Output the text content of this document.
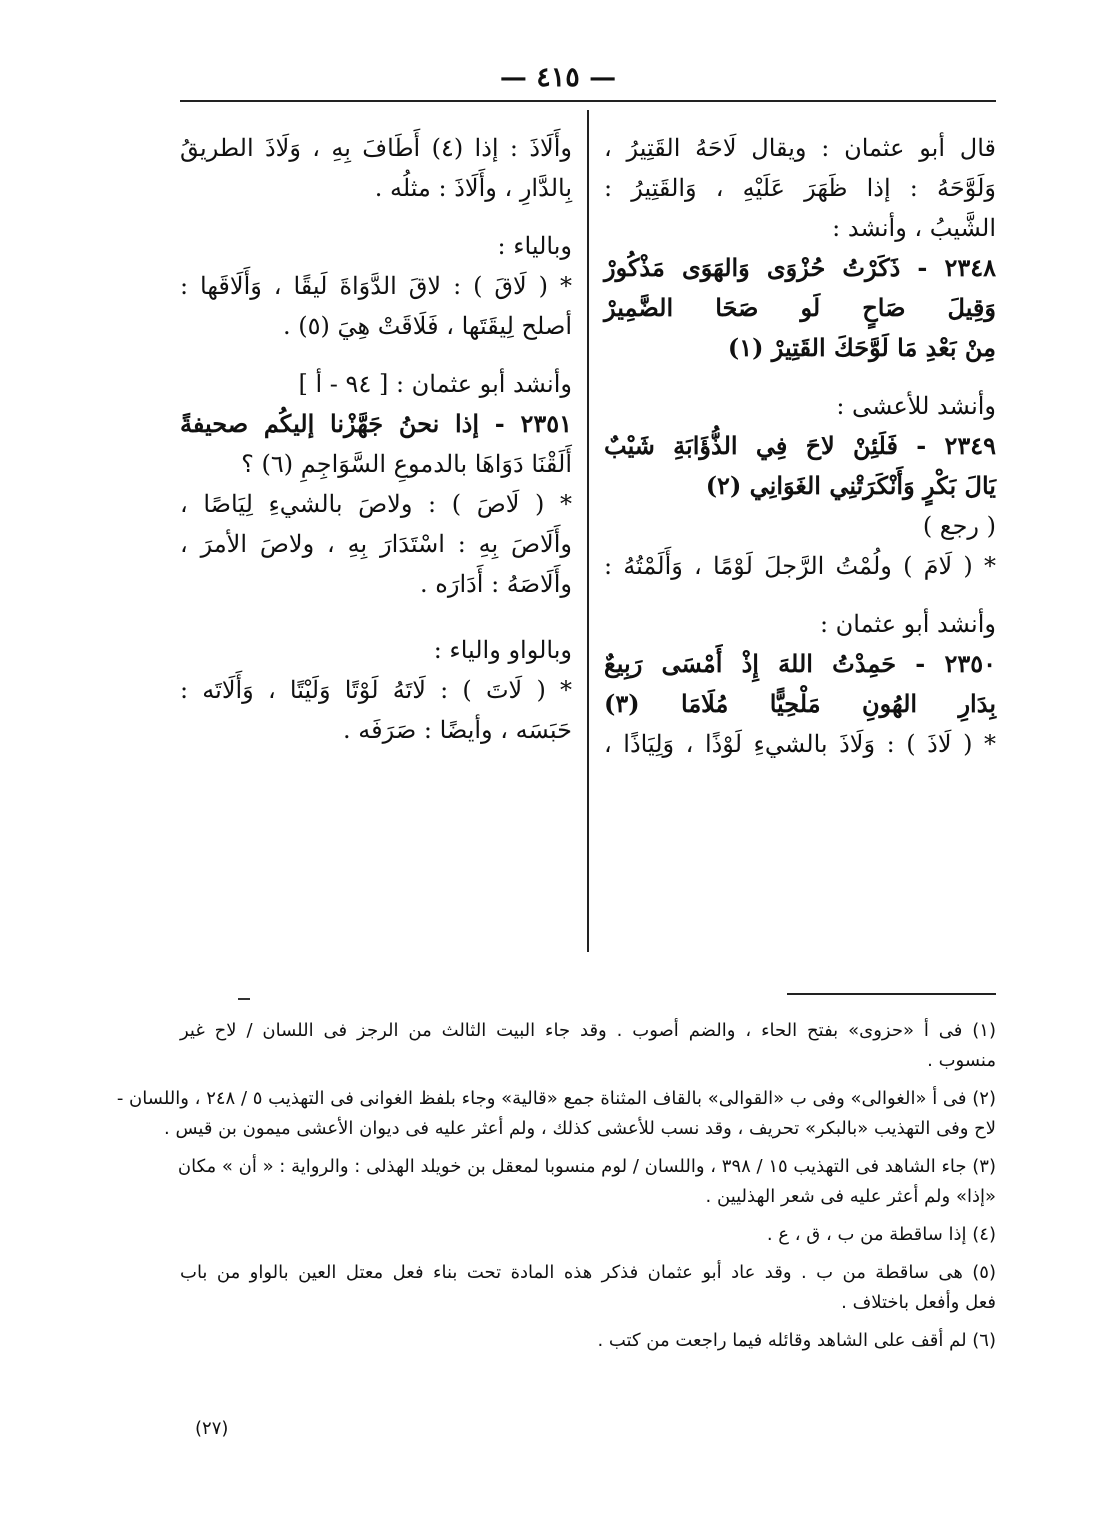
— ٤١٥ —
قال أبو عثمان : ويقال لَاحَهُ القَتِيرُ ،
وَلَوَّحَهُ : إذا ظَهَرَ عَلَيْهِ ، وَالقَتِيرُ :
الشَّيبُ ، وأنشد :
٢٣٤٨ - ذَكَرْتُ حُزْوَى وَالهَوَى مَذْكُورْ
وَقِيلَ صَاحٍ لَو صَحَا الضَّمِيرْ
مِنْ بَعْدِ مَا لَوَّحَكَ القَتِيرْ (١)
وأنشد للأعشى :
٢٣٤٩ - فَلَئِنْ لاحَ فِي الذُّؤَابَةِ شَيْبٌ
يَالَ بَكْرٍ وَأَنْكَرَتْنِي الغَوَانِي (٢)
( رجع )
* ( لَامَ ) ولُمْتُ الرَّجلَ لَوْمًا ، وَأَلَمْتُهُ :
وأنشد أبو عثمان :
٢٣٥٠ - حَمِدْتُ اللهَ إِذْ أَمْسَى رَبِيعٌ
بِدَارِ الهُونِ مَلْحِيًّا مُلَامَا (٣)
* ( لَاذَ ) : وَلَاذَ بالشيءِ لَوْذًا ، وَلِيَاذًا ،
وأَلَاذَ : إذا (٤) أَطَافَ بِهِ ، وَلَاذَ الطريقُ
بِالدَّارِ ، وأَلَاذَ : مثلُه .
وبالياء :
* ( لَاقَ ) : لاقَ الدَّوَاةَ لَيقًا ، وَأَلَاقَها :
أصلح لِيقَتَها ، فَلَاقَتْ هِيَ (٥) .
وأنشد أبو عثمان : [ ٩٤ - أ ]
٢٣٥١ - إذا نحنُ جَهَّزْنا إليكُم صحيفةً
أَلَقْنَا دَوَاهَا بالدموعِ السَّوَاجِمِ (٦) ؟
* ( لَاصَ ) : ولاصَ بالشيءِ لِيَاصًا ،
وأَلَاصَ بِهِ : اسْتَدَارَ بِهِ ، ولاصَ الأمرَ ،
وأَلَاصَهُ : أَدَارَه .
وبالواو والياء :
* ( لَاتَ ) : لَاتَهُ لَوْتًا وَلَيْتًا ، وَأَلَاتَه :
حَبَسَه ، وأيضًا : صَرَفَه .
(١) فى أ «حزوى» بفتح الحاء ، والضم أصوب . وقد جاء البيت الثالث من الرجز فى اللسان / لاح غير
منسوب .
(٢) فى أ «الغوالى» وفى ب «القوالى» بالقاف المثناة جمع «قالية» وجاء بلفظ الغوانى فى التهذيب ٥ / ٢٤٨ ، واللسان -
لاح وفى التهذيب «بالبكر» تحريف ، وقد نسب للأعشى كذلك ، ولم أعثر عليه فى ديوان الأعشى ميمون بن قيس .
(٣) جاء الشاهد فى التهذيب ١٥ / ٣٩٨ ، واللسان / لوم منسوبا لمعقل بن خويلد الهذلى : والرواية : « أن » مكان
«إذا» ولم أعثر عليه فى شعر الهذليين .
(٤) إذا ساقطة من ب ، ق ، ع .
(٥) هى ساقطة من ب . وقد عاد أبو عثمان فذكر هذه المادة تحت بناء فعل معتل العين بالواو من باب
فعل وأفعل باختلاف .
(٦) لم أقف على الشاهد وقائله فيما راجعت من كتب .
(٢٧)
